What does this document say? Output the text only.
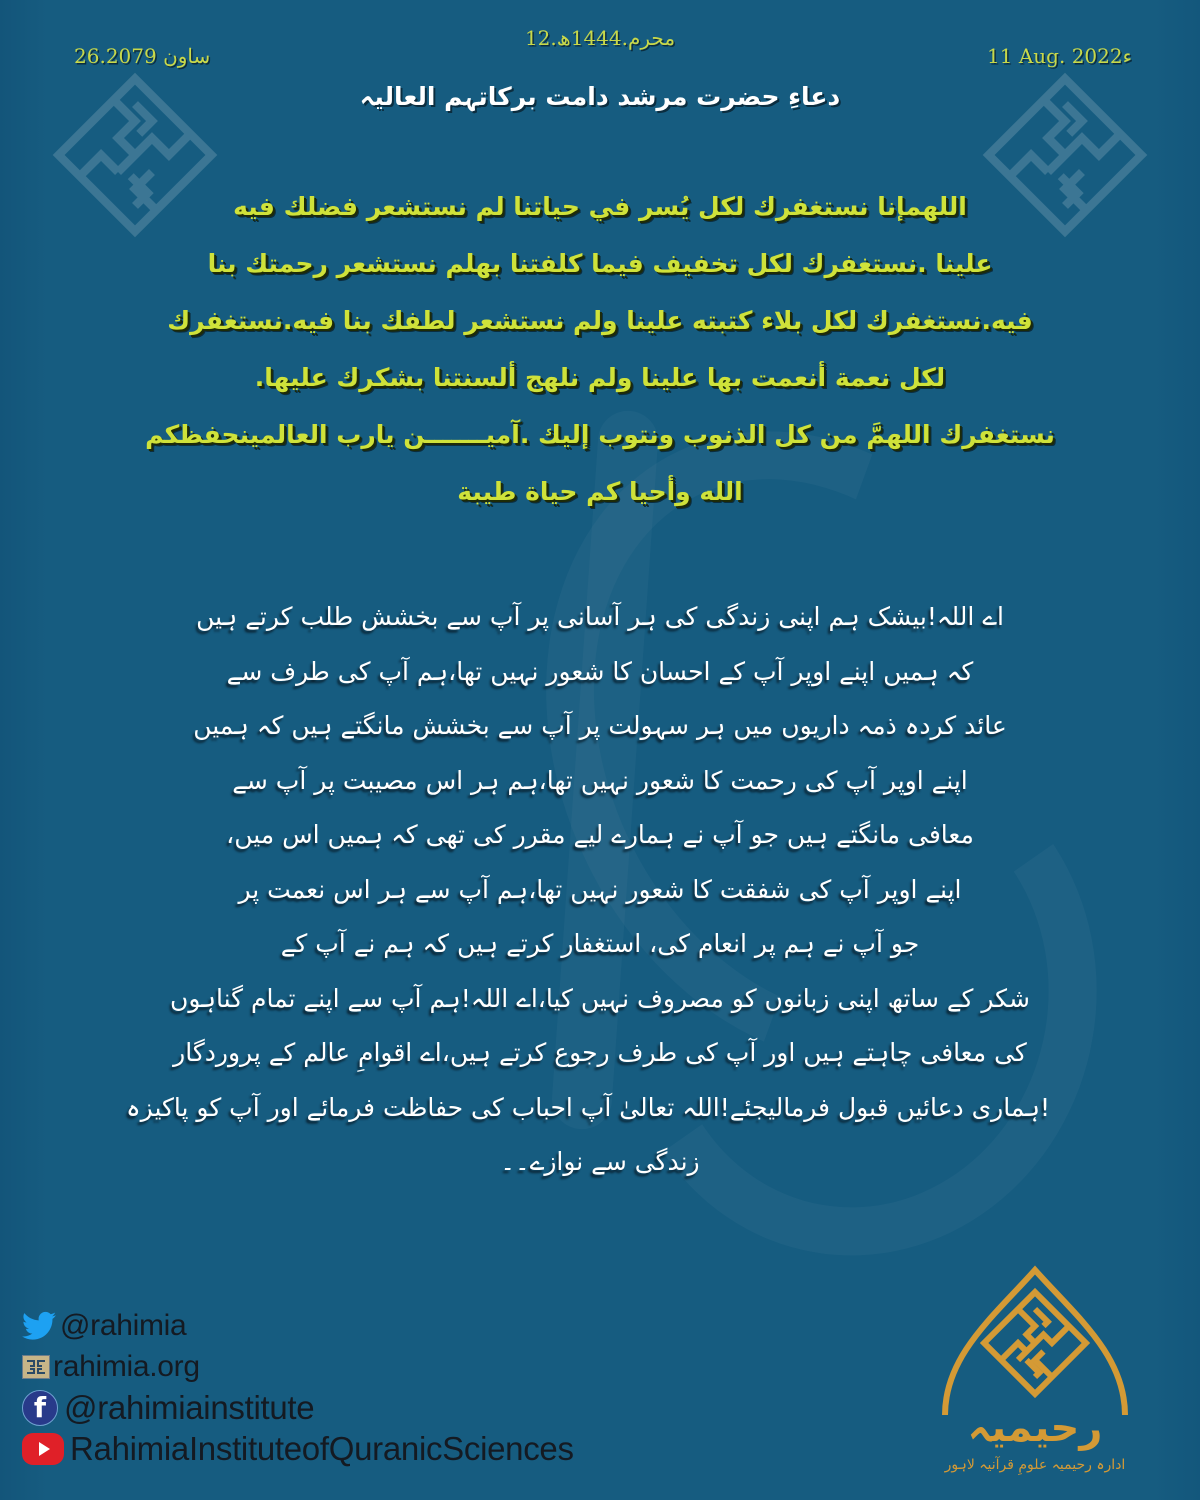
26.ساون 2079
12.محرم.1444ھ
11 Aug. 2022ء
دعاءِ حضرت مرشد دامت برکاتہم العالیہ
اللهمإنا نستغفرك لكل يُسر في حياتنا لم نستشعر فضلك فيه
علينا .نستغفرك لكل تخفيف فيما كلفتنا بهلم نستشعر رحمتك بنا
فيه.نستغفرك لكل بلاء كتبته علينا ولم نستشعر لطفك بنا فيه.نستغفرك
لكل نعمة أنعمت بها علينا ولم نلهج ألسنتنا بشكرك عليها.
نستغفرك اللهمَّ من كل الذنوب ونتوب إليك .آميـــــــن يارب العالمينحفظكم
الله وأحيا كم حياة طيبة
اے اللہ!بیشک ہم اپنی زندگی کی ہر آسانی پر آپ سے بخشش طلب کرتے ہیں
کہ ہمیں اپنے اوپر آپ کے احسان کا شعور نہیں تھا،ہم آپ کی طرف سے
عائد کردہ ذمہ داریوں میں ہر سہولت پر آپ سے بخشش مانگتے ہیں کہ ہمیں
اپنے اوپر آپ کی رحمت کا شعور نہیں تھا،ہم ہر اس مصیبت پر آپ سے
معافی مانگتے ہیں جو آپ نے ہمارے لیے مقرر کی تھی کہ ہمیں اس میں،
اپنے اوپر آپ کی شفقت کا شعور نہیں تھا،ہم آپ سے ہر اس نعمت پر
جو آپ نے ہم پر انعام کی، استغفار کرتے ہیں کہ ہم نے آپ کے
شکر کے ساتھ اپنی زبانوں کو مصروف نہیں کیا،اے اللہ!ہم آپ سے اپنے تمام گناہوں
کی معافی چاہتے ہیں اور آپ کی طرف رجوع کرتے ہیں،اے اقوامِ عالم کے پروردگار
!ہماری دعائیں قبول فرمالیجئے!اللہ تعالیٰ آپ احباب کی حفاظت فرمائے اور آپ کو پاکیزہ
زندگی سے نوازے۔۔
@rahimia
rahimia.org
f @rahimiainstitute
RahimiaInstituteofQuranicSciences	رحیمیہ
ادارہ رحیمیہ علومِ قرآنیہ لاہور
